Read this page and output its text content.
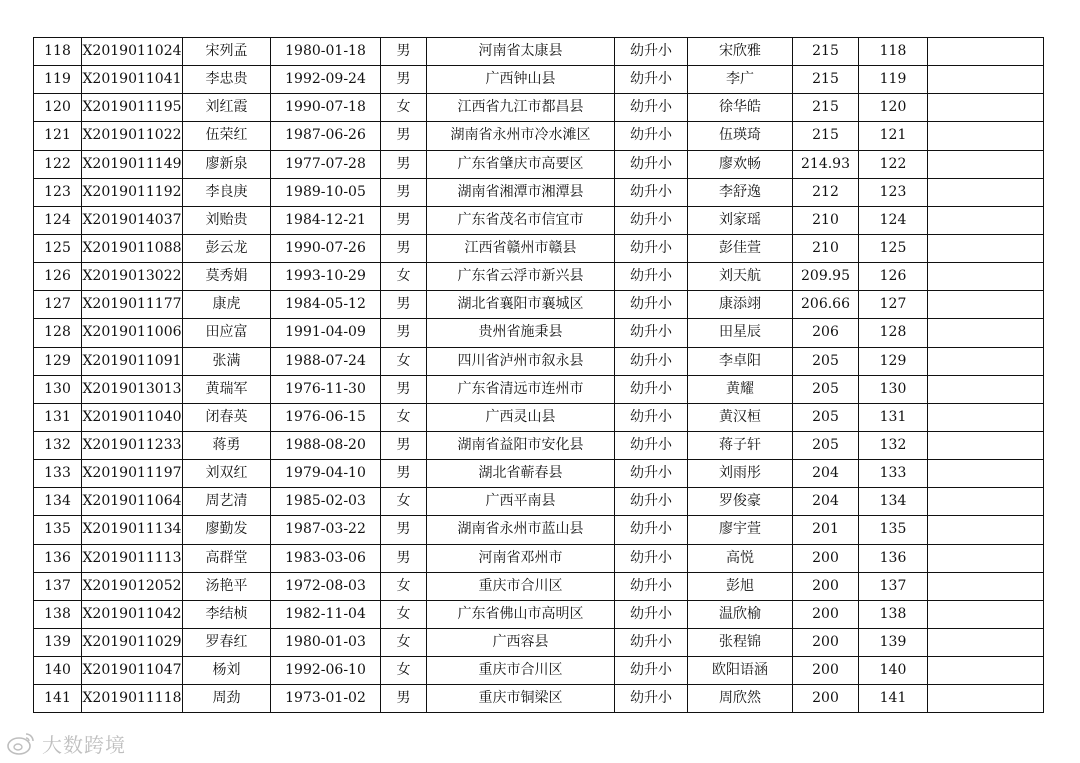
118	X2019011024	宋列孟	1980-01-18	男	河南省太康县	幼升小	宋欣雅	215	118	
119	X2019011041	李忠贵	1992-09-24	男	广西钟山县	幼升小	李广	215	119	
120	X2019011195	刘红霞	1990-07-18	女	江西省九江市都昌县	幼升小	徐华皓	215	120	
121	X2019011022	伍荣红	1987-06-26	男	湖南省永州市冷水滩区	幼升小	伍瑛琦	215	121	
122	X2019011149	廖新泉	1977-07-28	男	广东省肇庆市高要区	幼升小	廖欢畅	214.93	122	
123	X2019011192	李良庚	1989-10-05	男	湖南省湘潭市湘潭县	幼升小	李舒逸	212	123	
124	X2019014037	刘贻贵	1984-12-21	男	广东省茂名市信宜市	幼升小	刘家瑶	210	124	
125	X2019011088	彭云龙	1990-07-26	男	江西省赣州市赣县	幼升小	彭佳萱	210	125	
126	X2019013022	莫秀娟	1993-10-29	女	广东省云浮市新兴县	幼升小	刘天航	209.95	126	
127	X2019011177	康虎	1984-05-12	男	湖北省襄阳市襄城区	幼升小	康添翊	206.66	127	
128	X2019011006	田应富	1991-04-09	男	贵州省施秉县	幼升小	田星辰	206	128	
129	X2019011091	张满	1988-07-24	女	四川省泸州市叙永县	幼升小	李卓阳	205	129	
130	X2019013013	黄瑞军	1976-11-30	男	广东省清远市连州市	幼升小	黄耀	205	130	
131	X2019011040	闭春英	1976-06-15	女	广西灵山县	幼升小	黄汉桓	205	131	
132	X2019011233	蒋勇	1988-08-20	男	湖南省益阳市安化县	幼升小	蒋子轩	205	132	
133	X2019011197	刘双红	1979-04-10	男	湖北省蕲春县	幼升小	刘雨彤	204	133	
134	X2019011064	周艺清	1985-02-03	女	广西平南县	幼升小	罗俊豪	204	134	
135	X2019011134	廖勤发	1987-03-22	男	湖南省永州市蓝山县	幼升小	廖宇萱	201	135	
136	X2019011113	高群堂	1983-03-06	男	河南省邓州市	幼升小	高悦	200	136	
137	X2019012052	汤艳平	1972-08-03	女	重庆市合川区	幼升小	彭旭	200	137	
138	X2019011042	李结桢	1982-11-04	女	广东省佛山市高明区	幼升小	温欣榆	200	138	
139	X2019011029	罗春红	1980-01-03	女	广西容县	幼升小	张程锦	200	139	
140	X2019011047	杨刘	1992-06-10	女	重庆市合川区	幼升小	欧阳语涵	200	140	
141	X2019011118	周劲	1973-01-02	男	重庆市铜梁区	幼升小	周欣然	200	141	
大数跨境
